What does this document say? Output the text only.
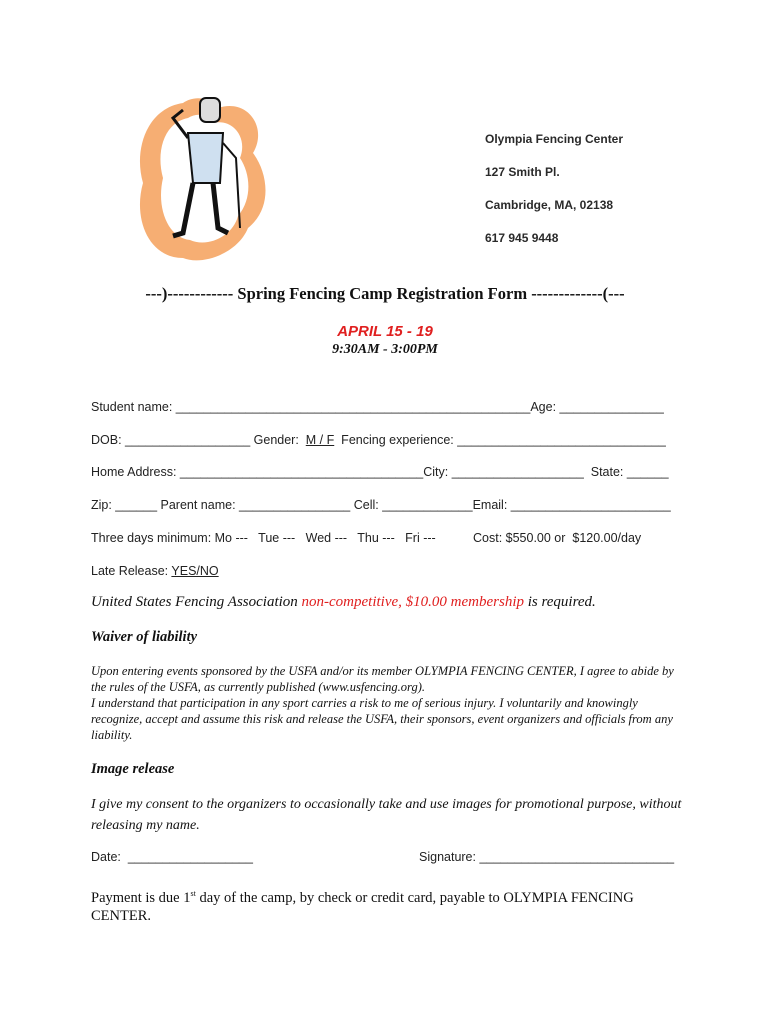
Olympia Fencing Center
127 Smith Pl.
Cambridge, MA, 02138
617 945 9448
---)------------ Spring Fencing Camp Registration Form -------------(---
APRIL 15 - 19
9:30AM - 3:00PM
Student name: ___________________________________________________Age: _______________
DOB: __________________ Gender:  M / F  Fencing experience: ______________________________
Home Address: ___________________________________City: ___________________  State: ______
Zip: ______ Parent name: ________________ Cell: _____________Email: _______________________
Three days minimum: Mo ---   Tue ---   Wed ---   Thu ---   Fri ---	Cost: $550.00 or  $120.00/day
Late Release: YES/NO
United States Fencing Association non-competitive, $10.00 membership is required.
Waiver of liability
Upon entering events sponsored by the USFA and/or its member OLYMPIA FENCING CENTER, I agree to abide by the rules of the USFA, as currently published (www.usfencing.org).
I understand that participation in any sport carries a risk to me of serious injury. I voluntarily and knowingly recognize, accept and assume this risk and release the USFA, their sponsors, event organizers and officials from any liability.
Image release
I give my consent to the organizers to occasionally take and use images for promotional purpose, without releasing my name.
Date:  __________________	Signature: ____________________________
Payment is due 1st day of the camp, by check or credit card, payable to OLYMPIA FENCING CENTER.
